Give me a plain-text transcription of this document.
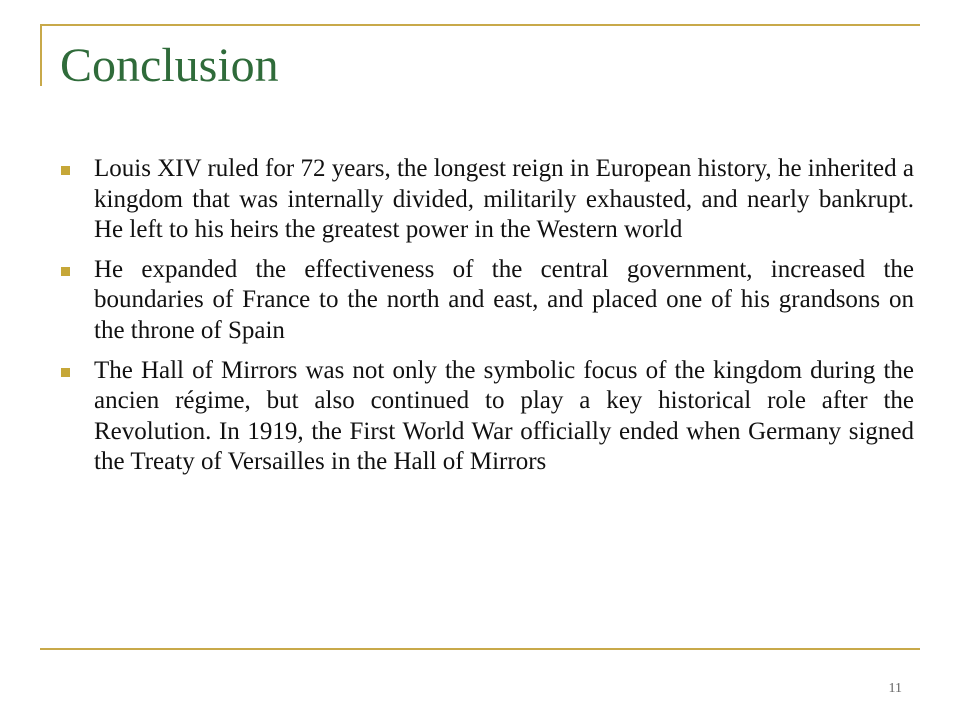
Conclusion
Louis XIV ruled for 72 years, the longest reign in European history, he inherited a kingdom that was internally divided, militarily exhausted, and nearly bankrupt. He left to his heirs the greatest power in the Western world
He expanded the effectiveness of the central government, increased the boundaries of France to the north and east, and placed one of his grandsons on the throne of Spain
The Hall of Mirrors was not only the symbolic focus of the kingdom during the ancien régime, but also continued to play a key historical role after the Revolution. In 1919, the First World War officially ended when Germany signed the Treaty of Versailles in the Hall of Mirrors
11
